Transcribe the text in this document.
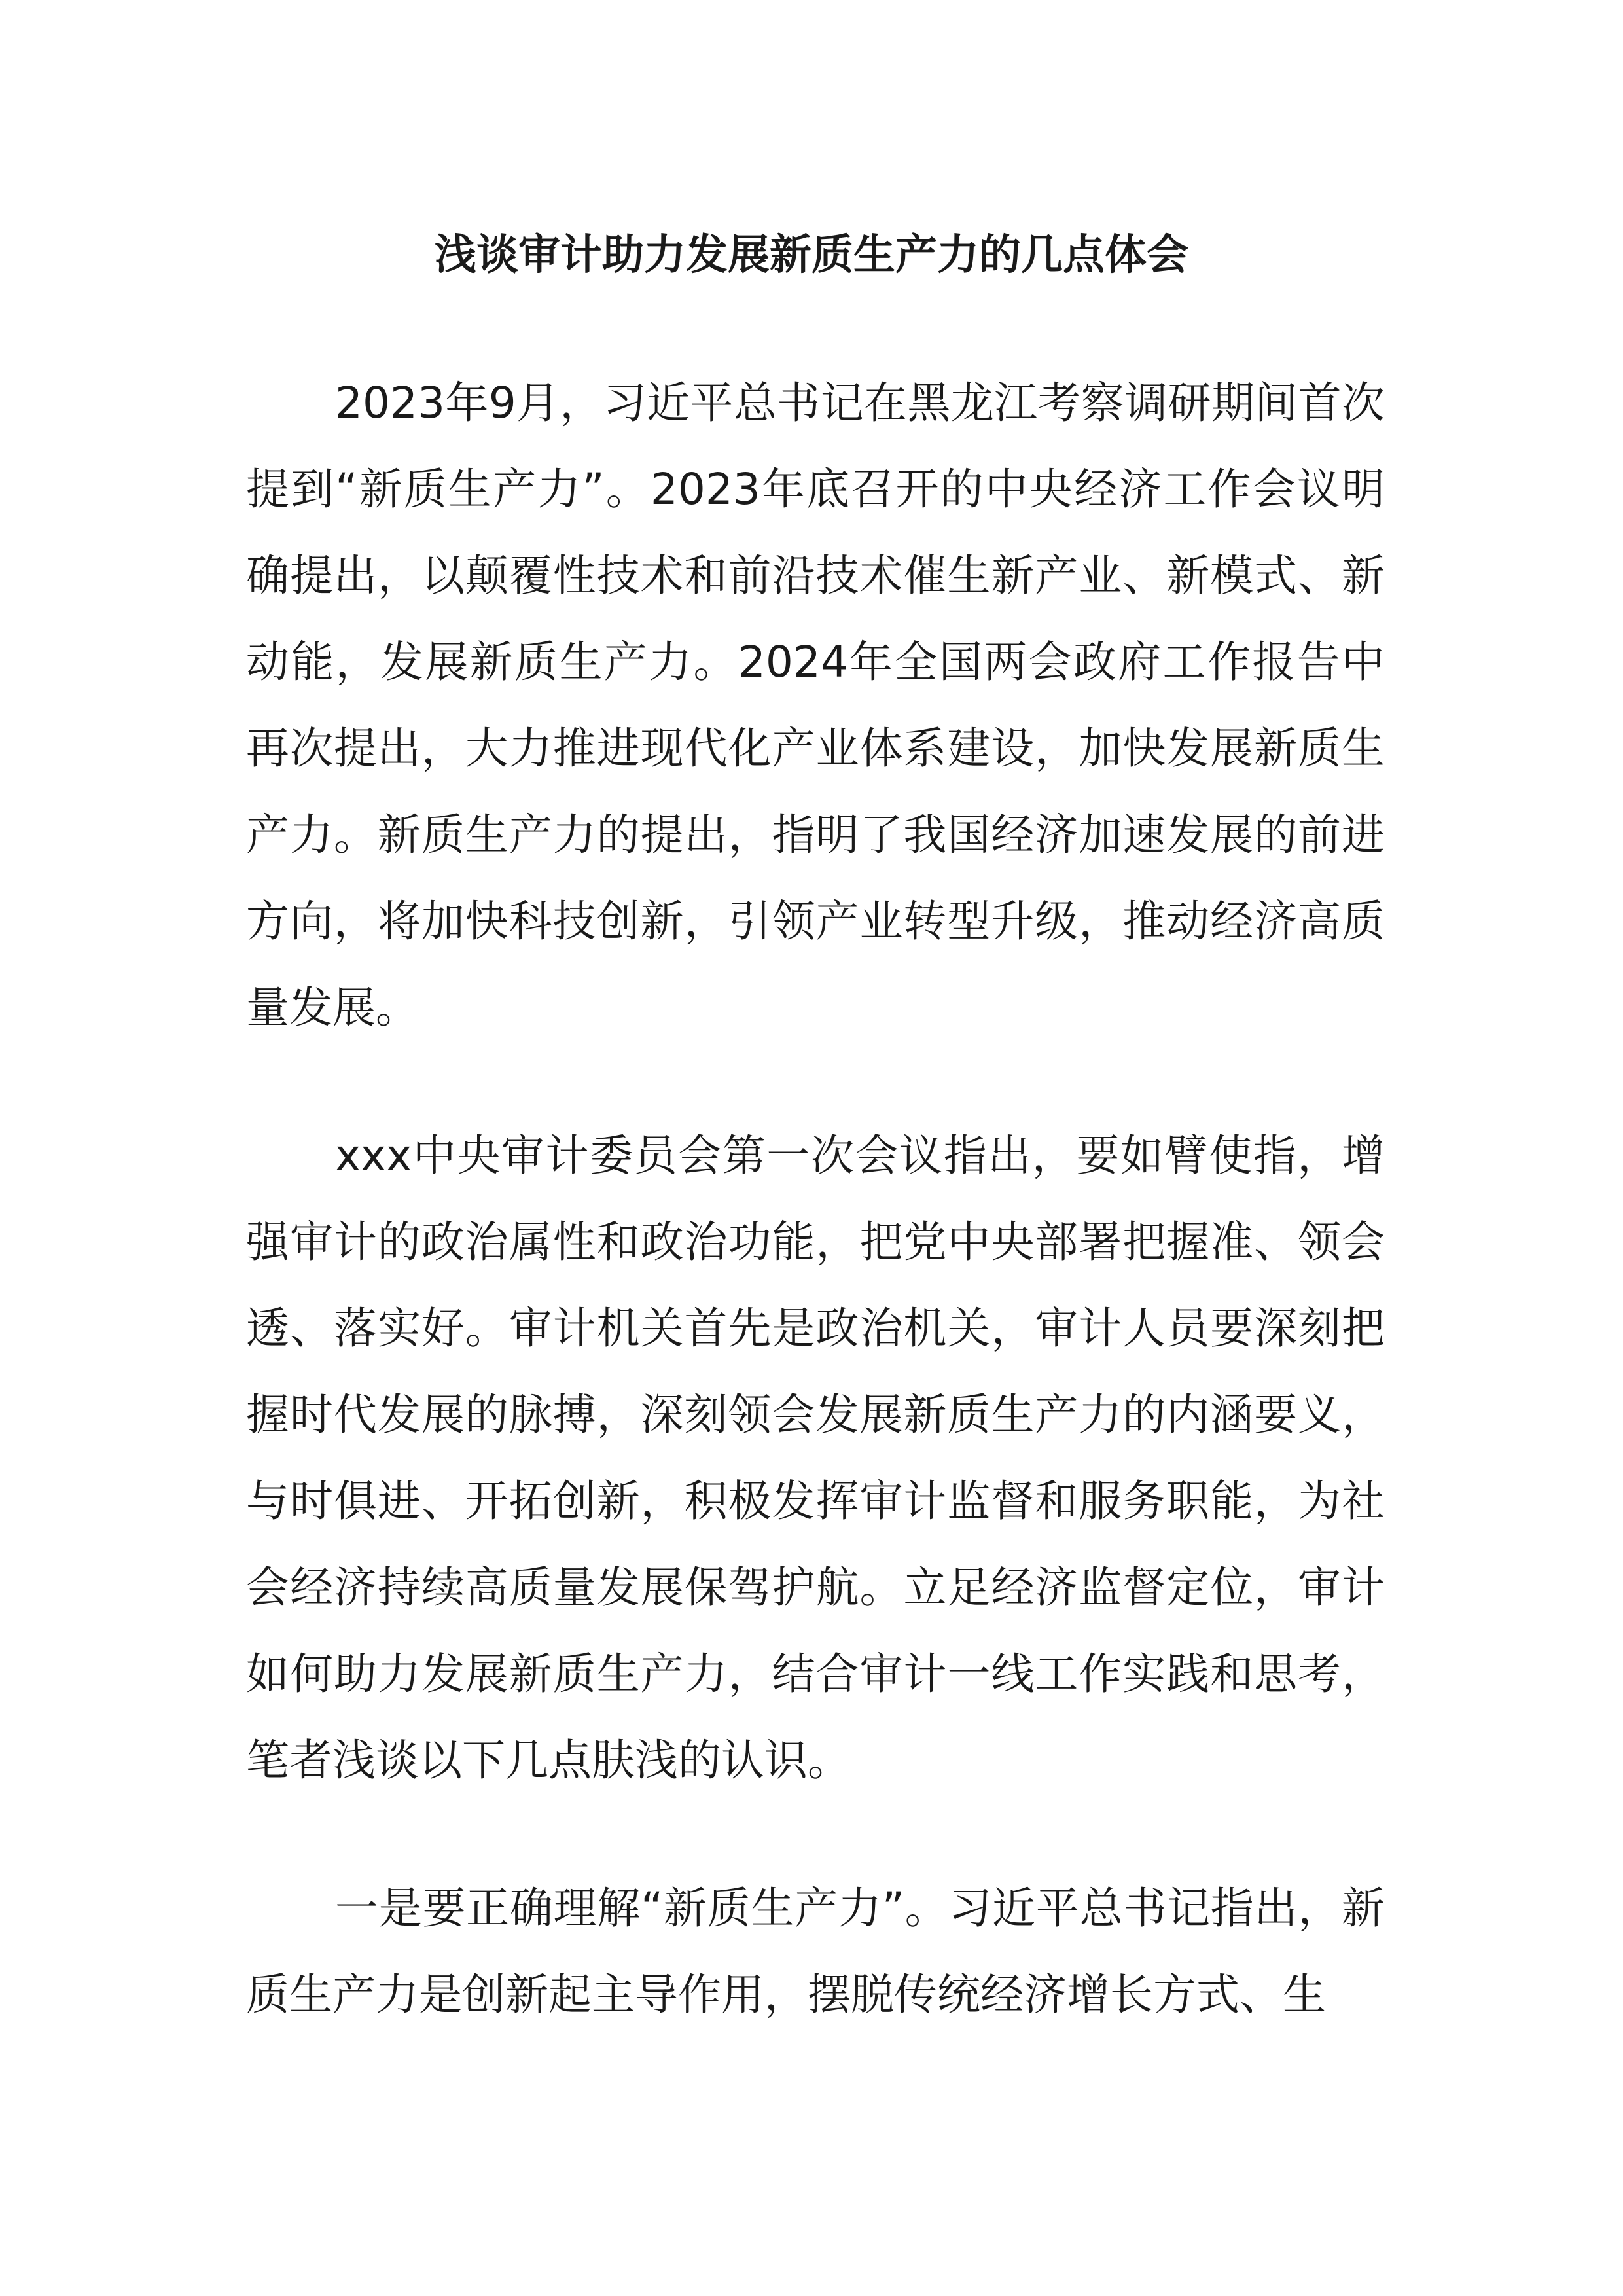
浅谈审计助力发展新质生产力的几点体会

2023年9月，习近平总书记在黑龙江考察调研期间首次提到“新质生产力”。2023年底召开的中央经济工作会议明确提出，以颠覆性技术和前沿技术催生新产业、新模式、新动能，发展新质生产力。2024年全国两会政府工作报告中再次提出，大力推进现代化产业体系建设，加快发展新质生产力。新质生产力的提出，指明了我国经济加速发展的前进方向，将加快科技创新，引领产业转型升级，推动经济高质量发展。

xxx中央审计委员会第一次会议指出，要如臂使指，增强审计的政治属性和政治功能，把党中央部署把握准、领会透、落实好。审计机关首先是政治机关，审计人员要深刻把握时代发展的脉搏，深刻领会发展新质生产力的内涵要义，与时俱进、开拓创新，积极发挥审计监督和服务职能，为社会经济持续高质量发展保驾护航。立足经济监督定位，审计如何助力发展新质生产力，结合审计一线工作实践和思考，笔者浅谈以下几点肤浅的认识。

一是要正确理解“新质生产力”。习近平总书记指出，新质生产力是创新起主导作用，摆脱传统经济增长方式、生
